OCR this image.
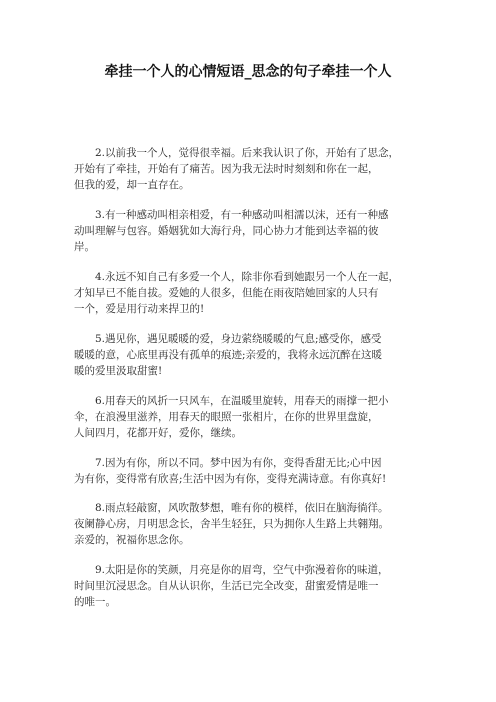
牵挂一个人的心情短语_思念的句子牵挂一个人
2.以前我一个人，觉得很幸福。后来我认识了你，开始有了思念，
开始有了牵挂，开始有了痛苦。因为我无法时时刻刻和你在一起，
但我的爱，却一直存在。
3.有一种感动叫相亲相爱，有一种感动叫相濡以沫，还有一种感
动叫理解与包容。婚姻犹如大海行舟，同心协力才能到达幸福的彼
岸。
4.永远不知自己有多爱一个人，除非你看到她跟另一个人在一起，
才知早已不能自拔。爱她的人很多，但能在雨夜陪她回家的人只有
一个，爱是用行动来捍卫的!
5.遇见你，遇见暖暖的爱，身边萦绕暖暖的气息;感受你，感受
暖暖的意，心底里再没有孤单的痕迹;亲爱的，我将永远沉醉在这暖
暖的爱里汲取甜蜜!
6.用春天的风折一只风车，在温暖里旋转，用春天的雨撑一把小
伞，在浪漫里滋养，用春天的眼照一张相片，在你的世界里盘旋，
人间四月，花都开好，爱你，继续。
7.因为有你，所以不同。梦中因为有你，变得香甜无比;心中因
为有你，变得常有欣喜;生活中因为有你，变得充满诗意。有你真好!
8.雨点轻敲窗，风吹散梦想，唯有你的模样，依旧在脑海徜徉。
夜阑静心房，月明思念长，舍半生轻狂，只为拥你人生路上共翱翔。
亲爱的，祝福你思念你。
9.太阳是你的笑颜，月亮是你的眉弯，空气中弥漫着你的味道，
时间里沉浸思念。自从认识你，生活已完全改变，甜蜜爱情是唯一
的唯一。
